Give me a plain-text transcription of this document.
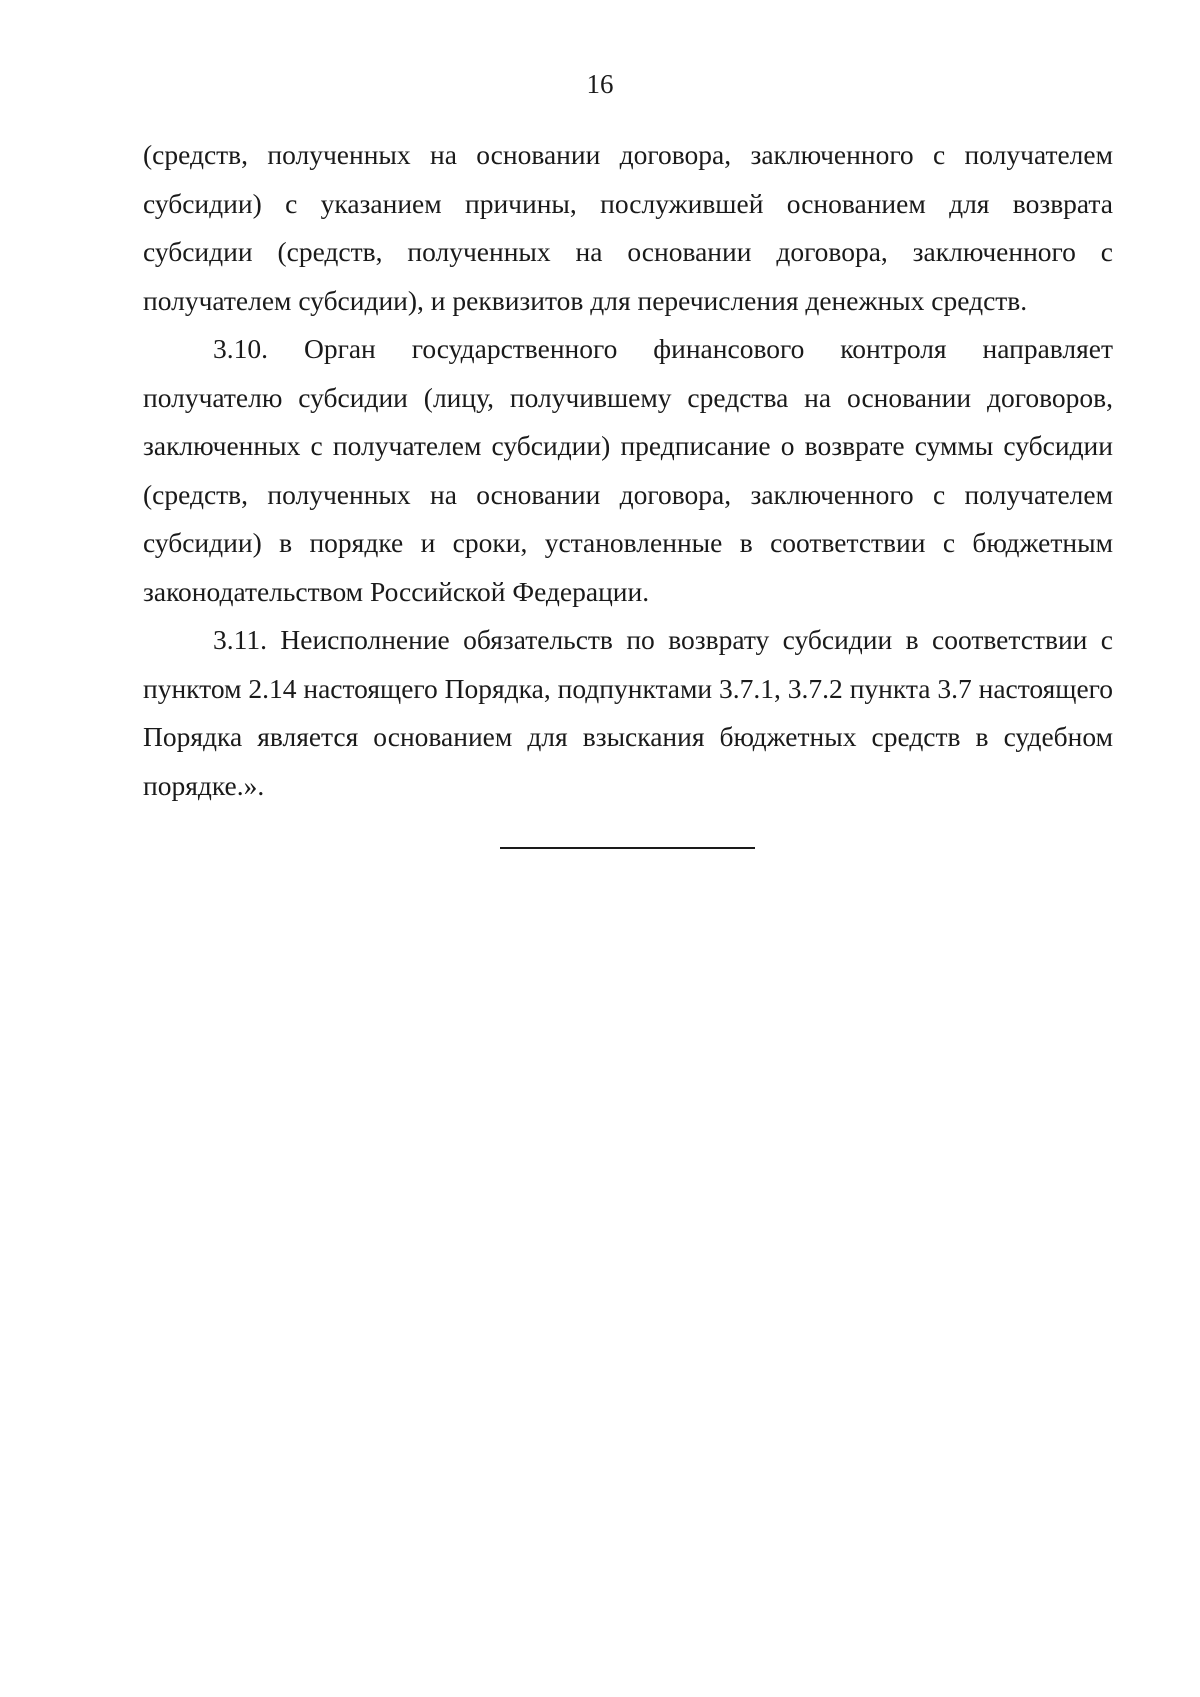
16

(средств, полученных на основании договора, заключенного с получателем субсидии) с указанием причины, послужившей основанием для возврата субсидии (средств, полученных на основании договора, заключенного с получателем субсидии), и реквизитов для перечисления денежных средств.

3.10. Орган государственного финансового контроля направляет получателю субсидии (лицу, получившему средства на основании договоров, заключенных с получателем субсидии) предписание о возврате суммы субсидии (средств, полученных на основании договора, заключенного с получателем субсидии) в порядке и сроки, установленные в соответствии с бюджетным законодательством Российской Федерации.

3.11. Неисполнение обязательств по возврату субсидии в соответствии с пунктом 2.14 настоящего Порядка, подпунктами 3.7.1, 3.7.2 пункта 3.7 настоящего Порядка является основанием для взыскания бюджетных средств в судебном порядке.».
